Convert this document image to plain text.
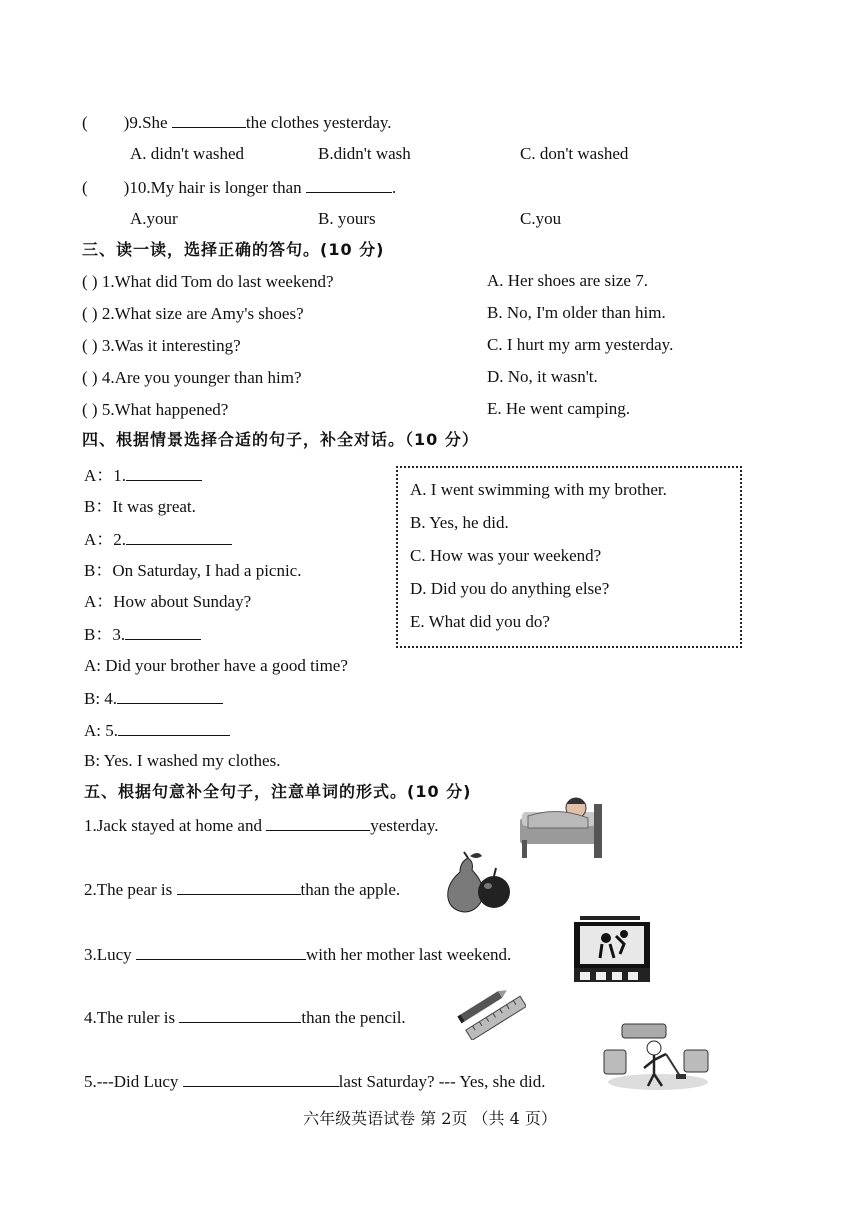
( )9.She	the clothes yesterday.
A. didn't washed	B.didn't wash	C. don't washed
( )10.My hair is longer than	.
A.your	B. yours	C.you
三、读一读，选择正确的答句。(10 分)
( ) 1.What did Tom do last weekend?
( ) 2.What size are Amy's shoes?
( ) 3.Was it interesting?
( ) 4.Are you younger than him?
( ) 5.What happened?
A. Her shoes are size 7.
B. No, I'm older than him.
C. I hurt my arm yesterday.
D. No, it wasn't.
E. He went camping.
四、根据情景选择合适的句子，补全对话。（10 分）
A：1.
B：It was great.
A：2.
B：On Saturday, I had a picnic.
A：How about Sunday?
B：3.
A: Did your brother have a good time?
B: 4.
A: 5.
B: Yes. I washed my clothes.
A. I went swimming with my brother.
B. Yes, he did.
C. How was your weekend?
D. Did you do anything else?
E. What did you do?
五、根据句意补全句子，注意单词的形式。(10 分)
1.Jack stayed at home and	yesterday.
2.The pear is	than the apple.
3.Lucy	with her mother last weekend.
4.The ruler is	than the pencil.
5.---Did Lucy	last Saturday? --- Yes, she did.
六年级英语试卷 第 2页 （共 4 页）
